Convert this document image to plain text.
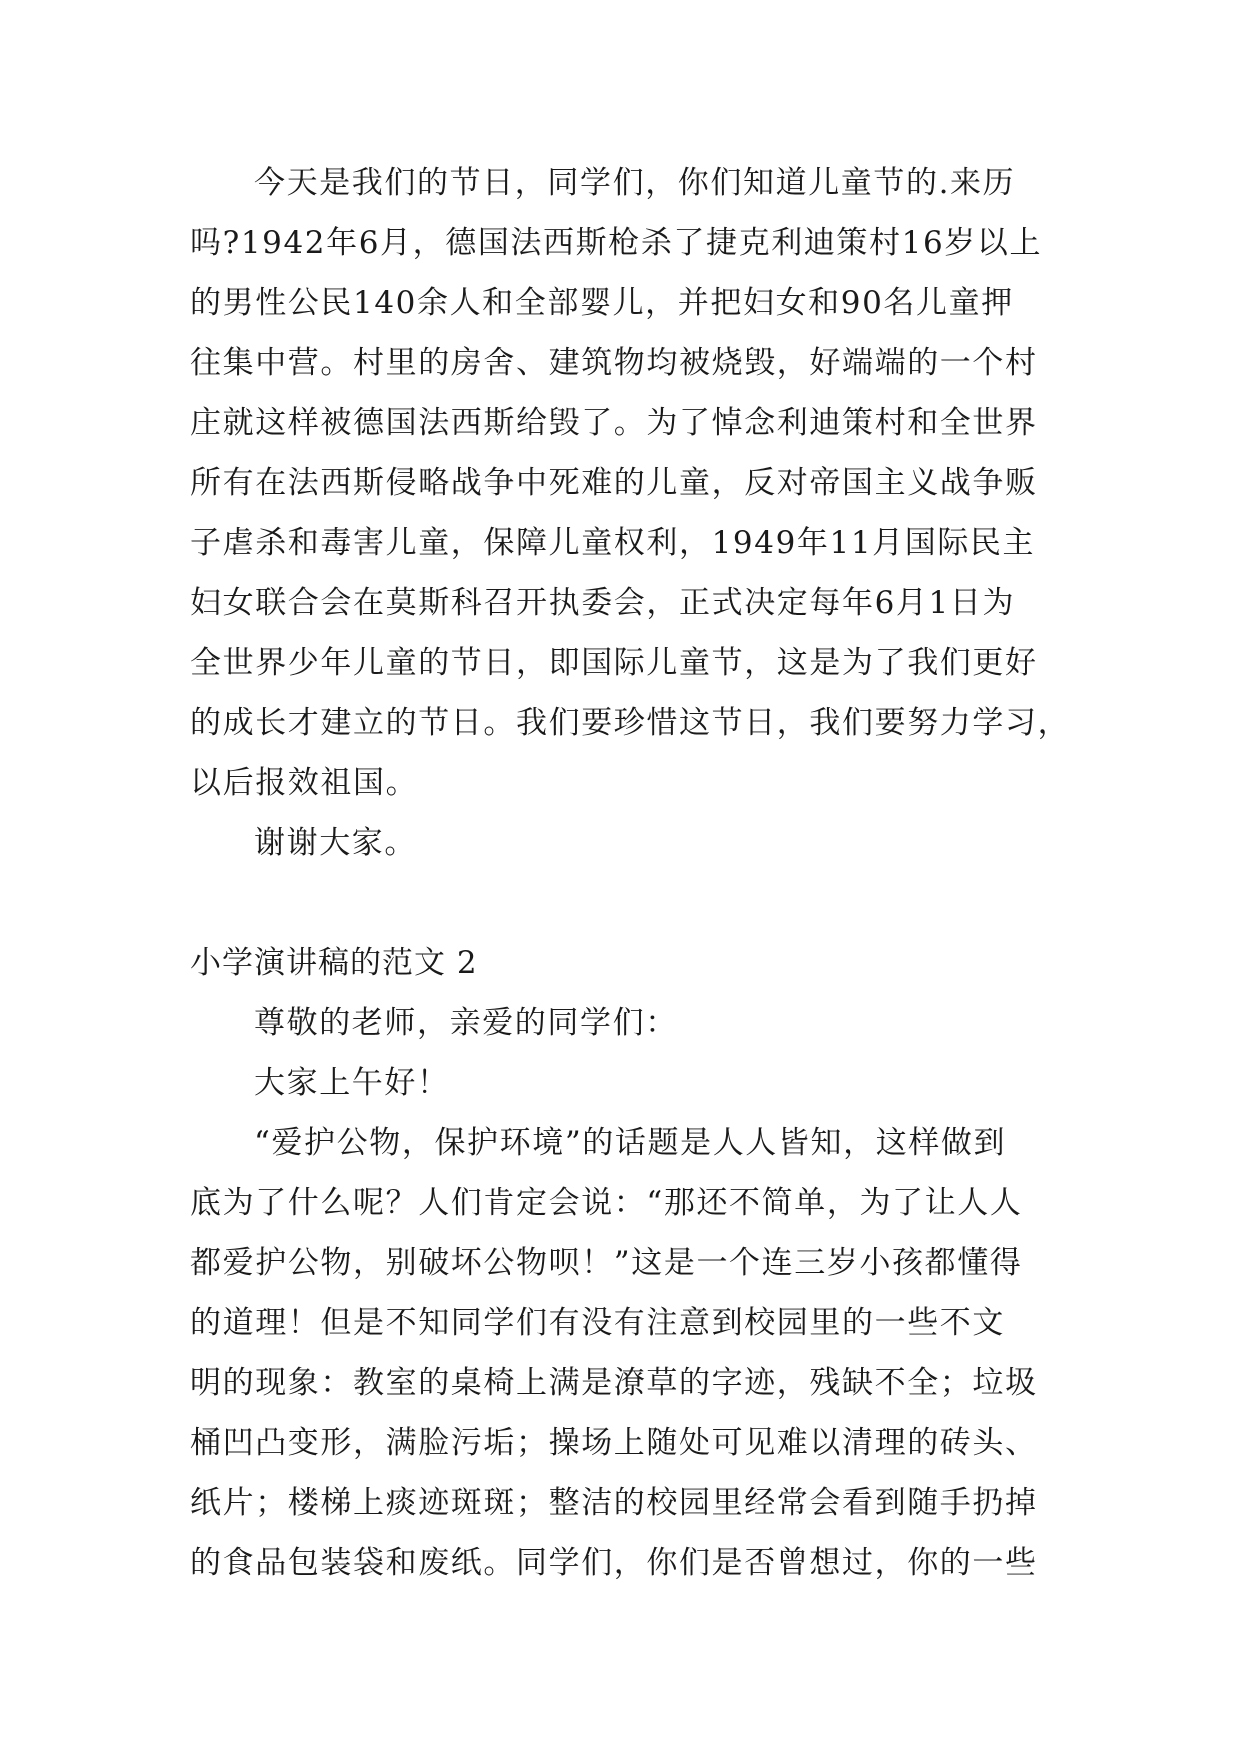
今天是我们的节日，同学们，你们知道儿童节的.来历
吗?1942年6月，德国法西斯枪杀了捷克利迪策村16岁以上
的男性公民140余人和全部婴儿，并把妇女和90名儿童押
往集中营。村里的房舍、建筑物均被烧毁，好端端的一个村
庄就这样被德国法西斯给毁了。为了悼念利迪策村和全世界
所有在法西斯侵略战争中死难的儿童，反对帝国主义战争贩
子虐杀和毒害儿童，保障儿童权利，1949年11月国际民主
妇女联合会在莫斯科召开执委会，正式决定每年6月1日为
全世界少年儿童的节日，即国际儿童节，这是为了我们更好
的成长才建立的节日。我们要珍惜这节日，我们要努力学习，
以后报效祖国。
谢谢大家。
小学演讲稿的范文 2
尊敬的老师，亲爱的同学们：
大家上午好！
“爱护公物，保护环境”的话题是人人皆知，这样做到
底为了什么呢？人们肯定会说：“那还不简单，为了让人人
都爱护公物，别破坏公物呗！”这是一个连三岁小孩都懂得
的道理！但是不知同学们有没有注意到校园里的一些不文
明的现象：教室的桌椅上满是潦草的字迹，残缺不全；垃圾
桶凹凸变形，满脸污垢；操场上随处可见难以清理的砖头、
纸片；楼梯上痰迹斑斑；整洁的校园里经常会看到随手扔掉
的食品包装袋和废纸。同学们，你们是否曾想过，你的一些
